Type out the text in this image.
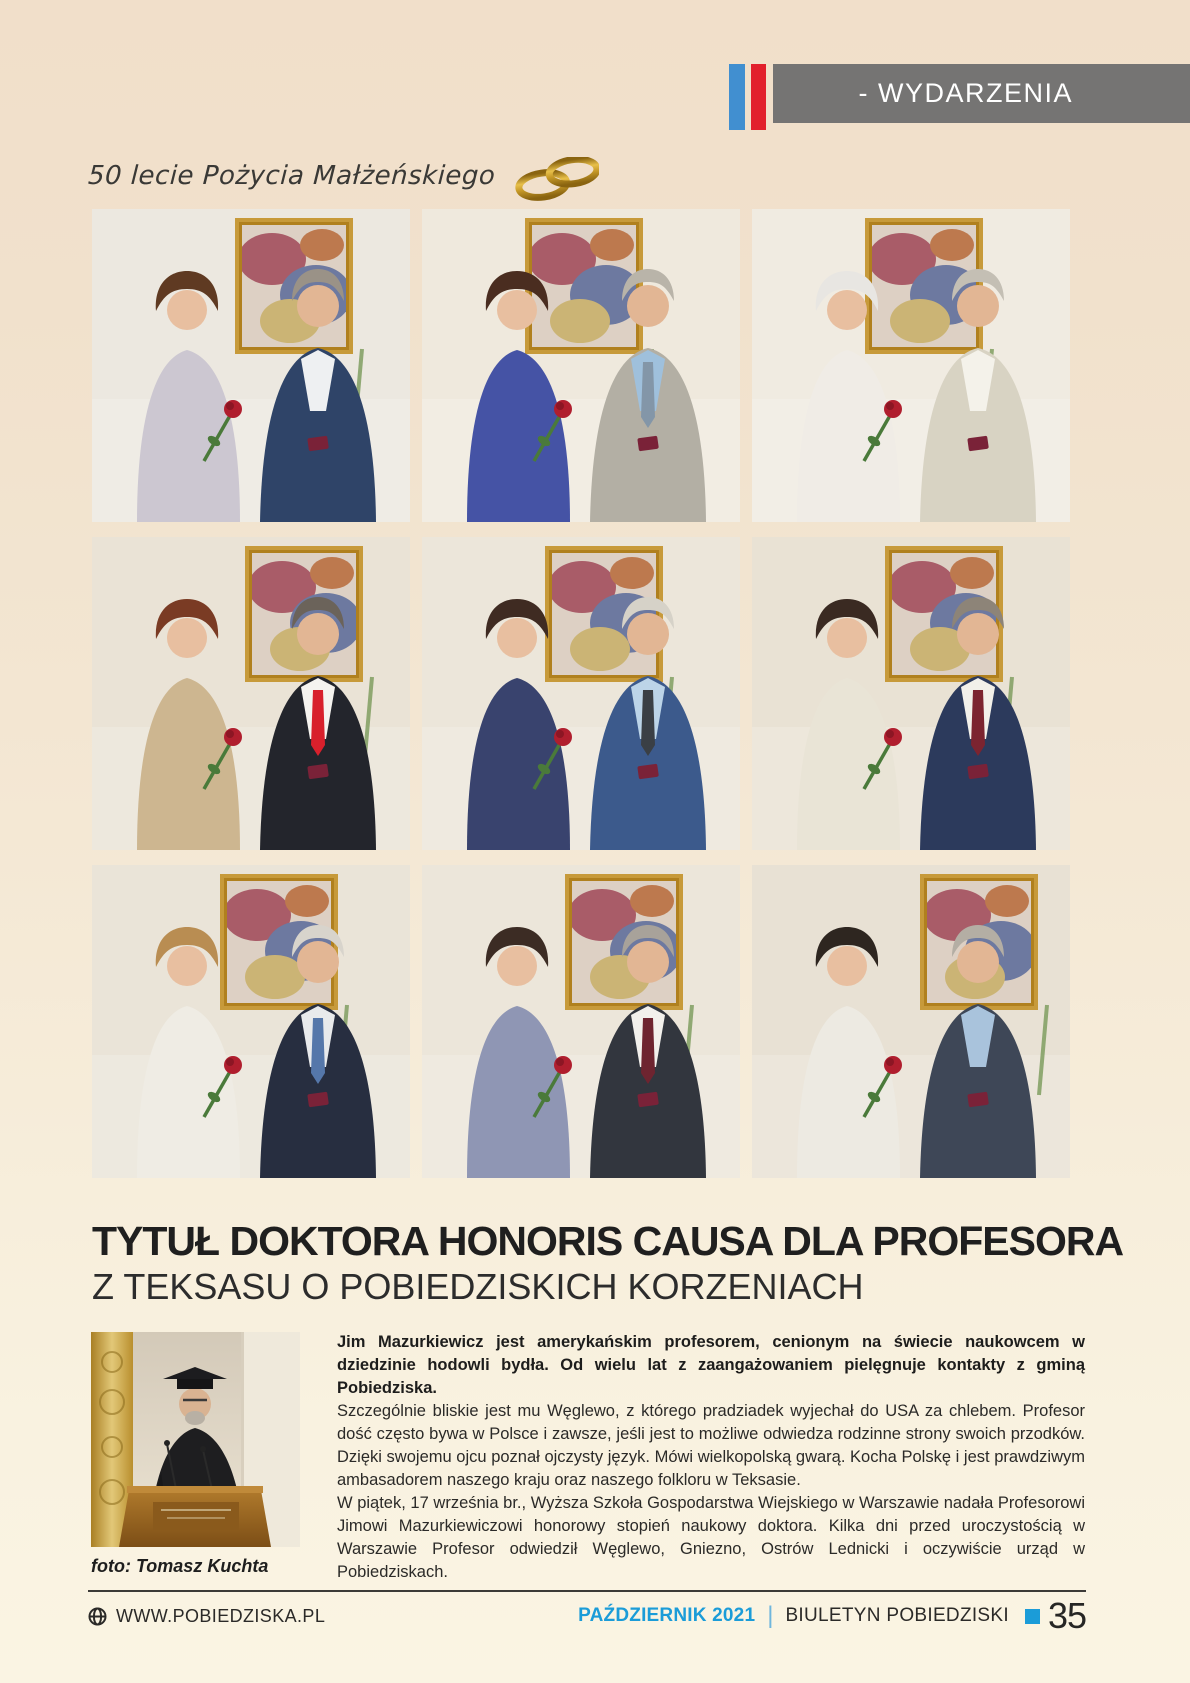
- WYDARZENIA
50 lecie Pożycia Małżeńskiego
TYTUŁ DOKTORA HONORIS CAUSA DLA PROFESORA
Z TEKSASU O POBIEDZISKICH KORZENIACH
foto: Tomasz Kuchta
Jim Mazurkiewicz jest amerykańskim profesorem, cenionym na świecie naukowcem w dziedzinie hodowli bydła. Od wielu lat z zaangażowaniem pielęgnuje kontakty z gminą Pobiedziska.
Szczególnie bliskie jest mu Węglewo, z którego pradziadek wyjechał do USA za chlebem. Profesor dość często bywa w Polsce i zawsze, jeśli jest to możliwe odwiedza rodzinne strony swoich przodków. Dzięki swojemu ojcu poznał ojczysty język. Mówi wielkopolską gwarą. Kocha Polskę i jest prawdziwym ambasadorem naszego kraju oraz naszego folkloru w Teksasie.
W piątek, 17 września br., Wyższa Szkoła Gospodarstwa Wiejskiego w Warszawie nadała Profesorowi Jimowi Mazurkiewiczowi honorowy stopień naukowy doktora. Kilka dni przed uroczystością w Warszawie Profesor odwiedził Węglewo, Gniezno, Ostrów Lednicki i oczywiście urząd w Pobiedziskach.
WWW.POBIEDZISKA.PL	PAŹDZIERNIK 2021 | BIULETYN POBIEDZISKI 35
